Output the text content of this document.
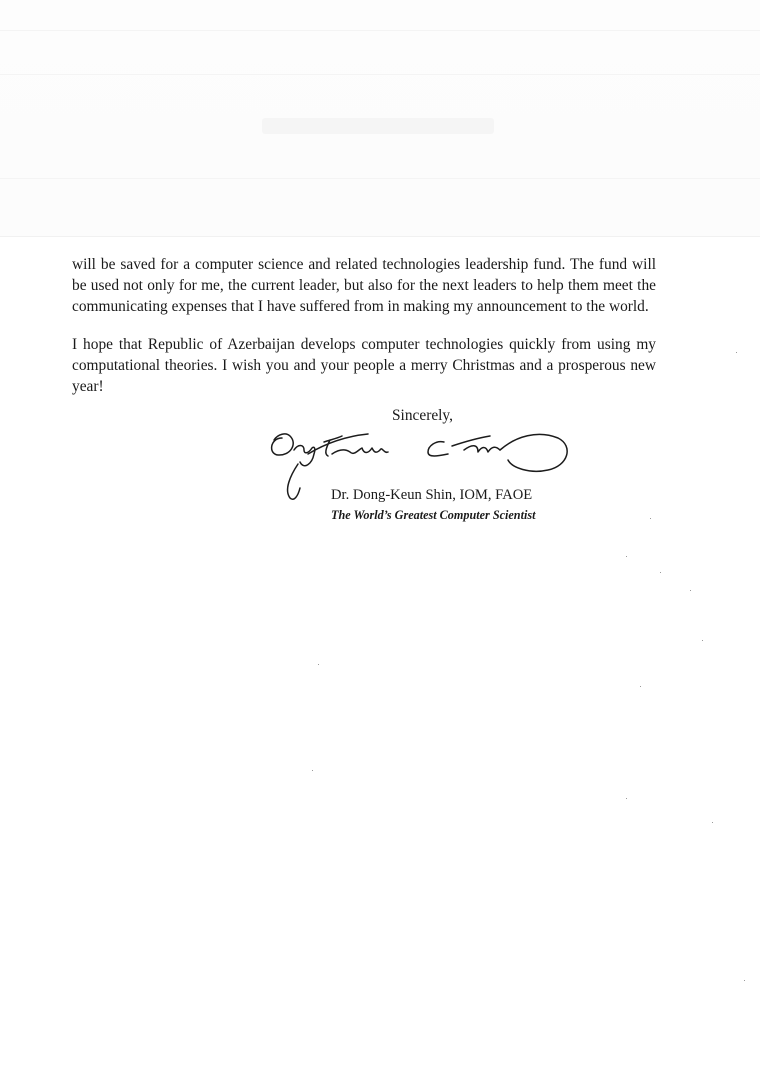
will be saved for a computer science and related technologies leadership fund. The fund will be used not only for me, the current leader, but also for the next leaders to help them meet the communicating expenses that I have suffered from in making my announcement to the world.

I hope that Republic of Azerbaijan develops computer technologies quickly from using my computational theories. I wish you and your people a merry Christmas and a prosperous new year!

Sincerely,
Dr. Dong-Keun Shin, IOM, FAOE
The World’s Greatest Computer Scientist
